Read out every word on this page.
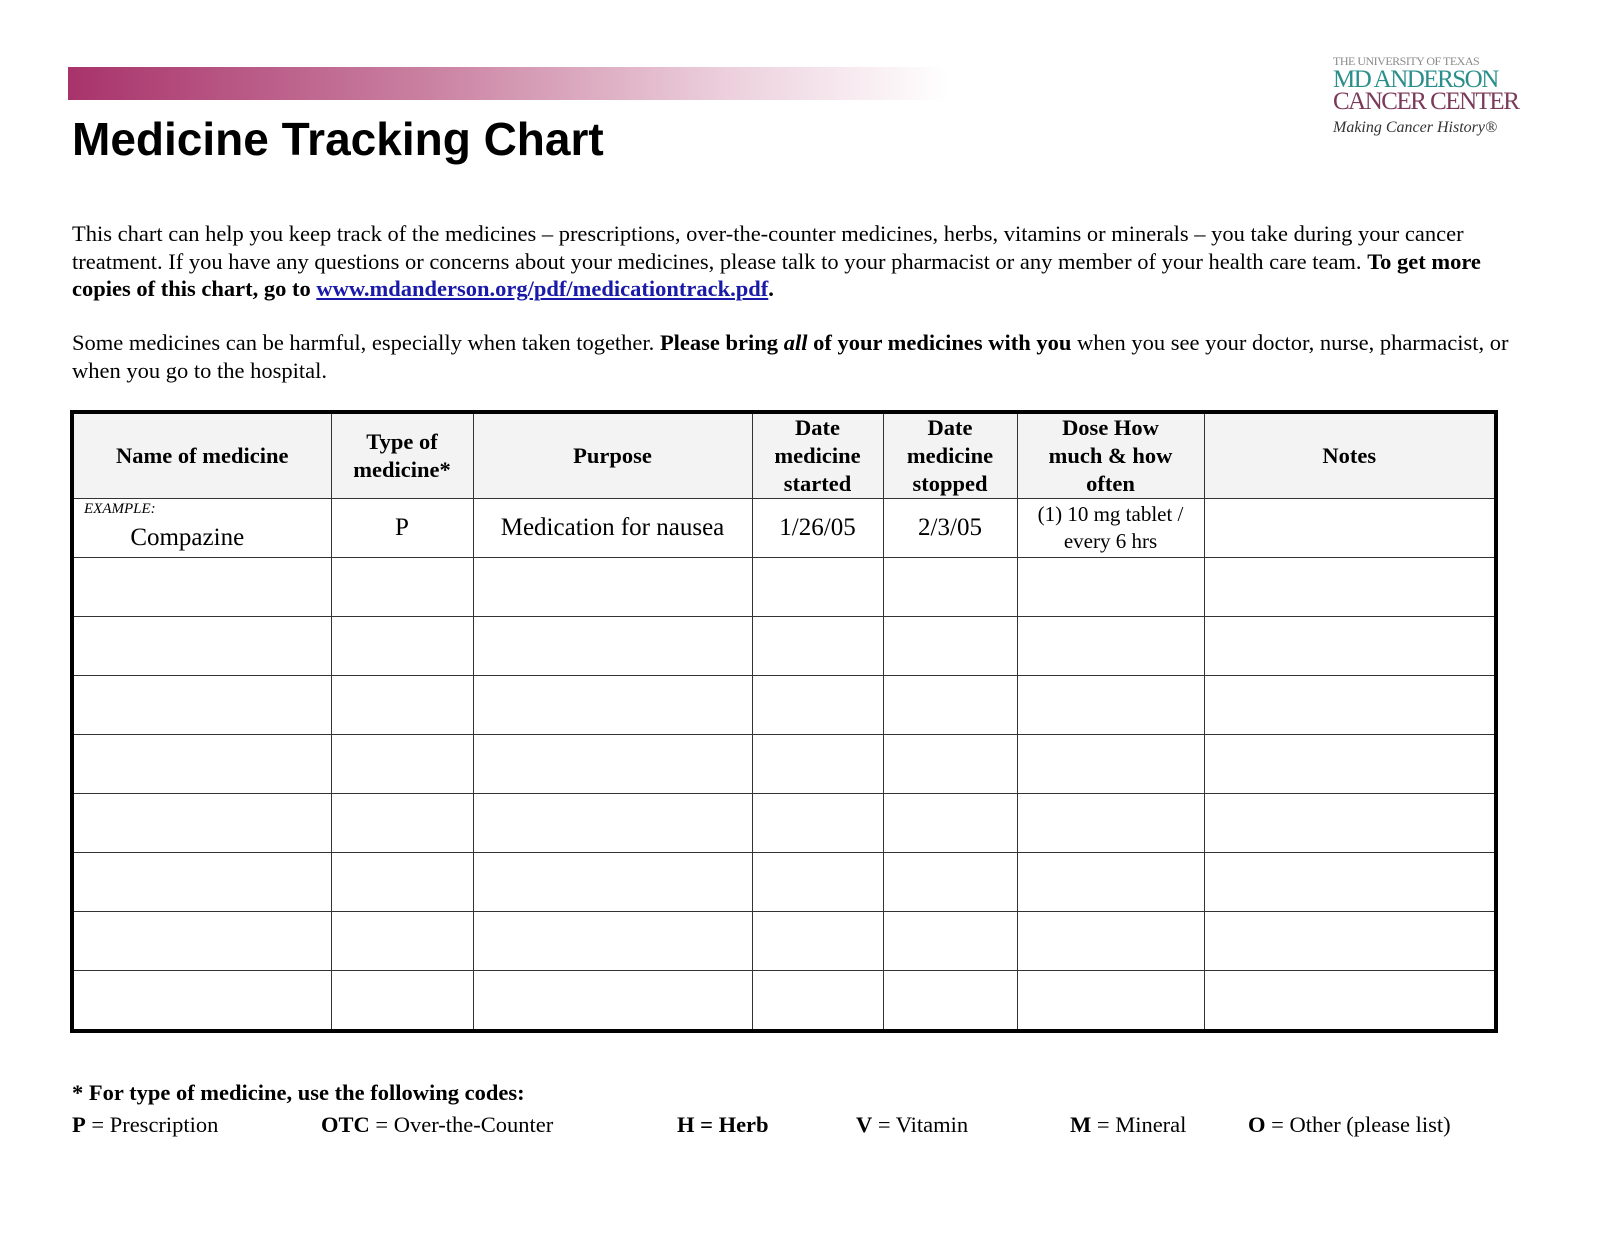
Medicine Tracking Chart
THE UNIVERSITY OF TEXAS
MD ANDERSON
CANCER CENTER
Making Cancer History®
This chart can help you keep track of the medicines – prescriptions, over-the-counter medicines, herbs, vitamins or minerals – you take during your cancer treatment. If you have any questions or concerns about your medicines, please talk to your pharmacist or any member of your health care team. To get more copies of this chart, go to www.mdanderson.org/pdf/medicationtrack.pdf.
Some medicines can be harmful, especially when taken together. Please bring all of your medicines with you when you see your doctor, nurse, pharmacist, or when you go to the hospital.
Name of medicine	Type of medicine*	Purpose	Date medicine started	Date medicine stopped	Dose How much & how often	Notes

EXAMPLE:
Compazine	P	Medication for nausea	1/26/05	2/3/05	(1) 10 mg tablet / every 6 hrs	

* For type of medicine, use the following codes:
P = Prescription	OTC = Over-the-Counter	H = Herb	V = Vitamin	M = Mineral	O = Other (please list)
